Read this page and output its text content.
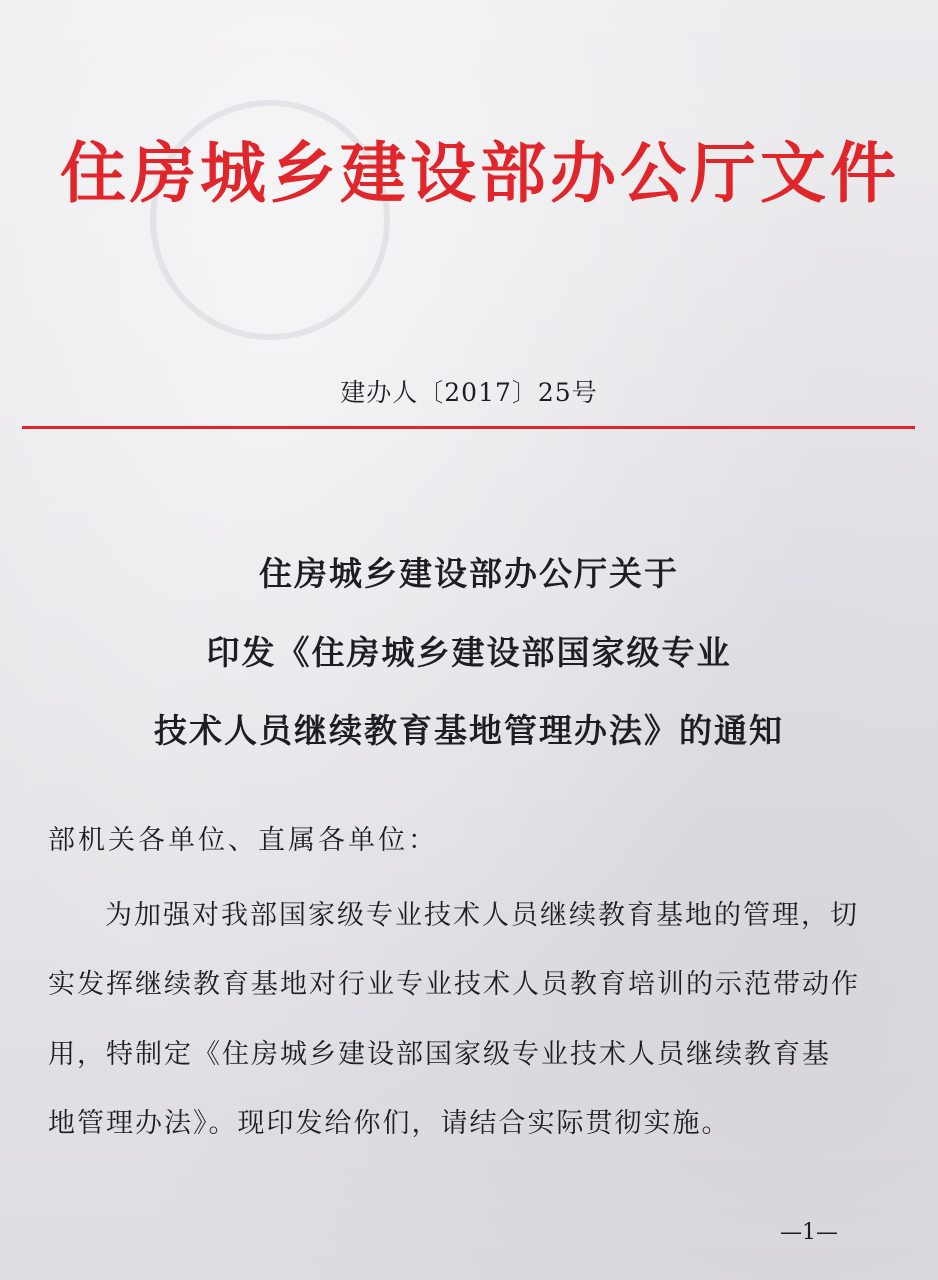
住房城乡建设部办公厅文件
建办人〔2017〕25号
住房城乡建设部办公厅关于
印发《住房城乡建设部国家级专业
技术人员继续教育基地管理办法》的通知
部机关各单位、直属各单位：
为加强对我部国家级专业技术人员继续教育基地的管理，切
实发挥继续教育基地对行业专业技术人员教育培训的示范带动作
用，特制定《住房城乡建设部国家级专业技术人员继续教育基
地管理办法》。现印发给你们，请结合实际贯彻实施。
—1—
